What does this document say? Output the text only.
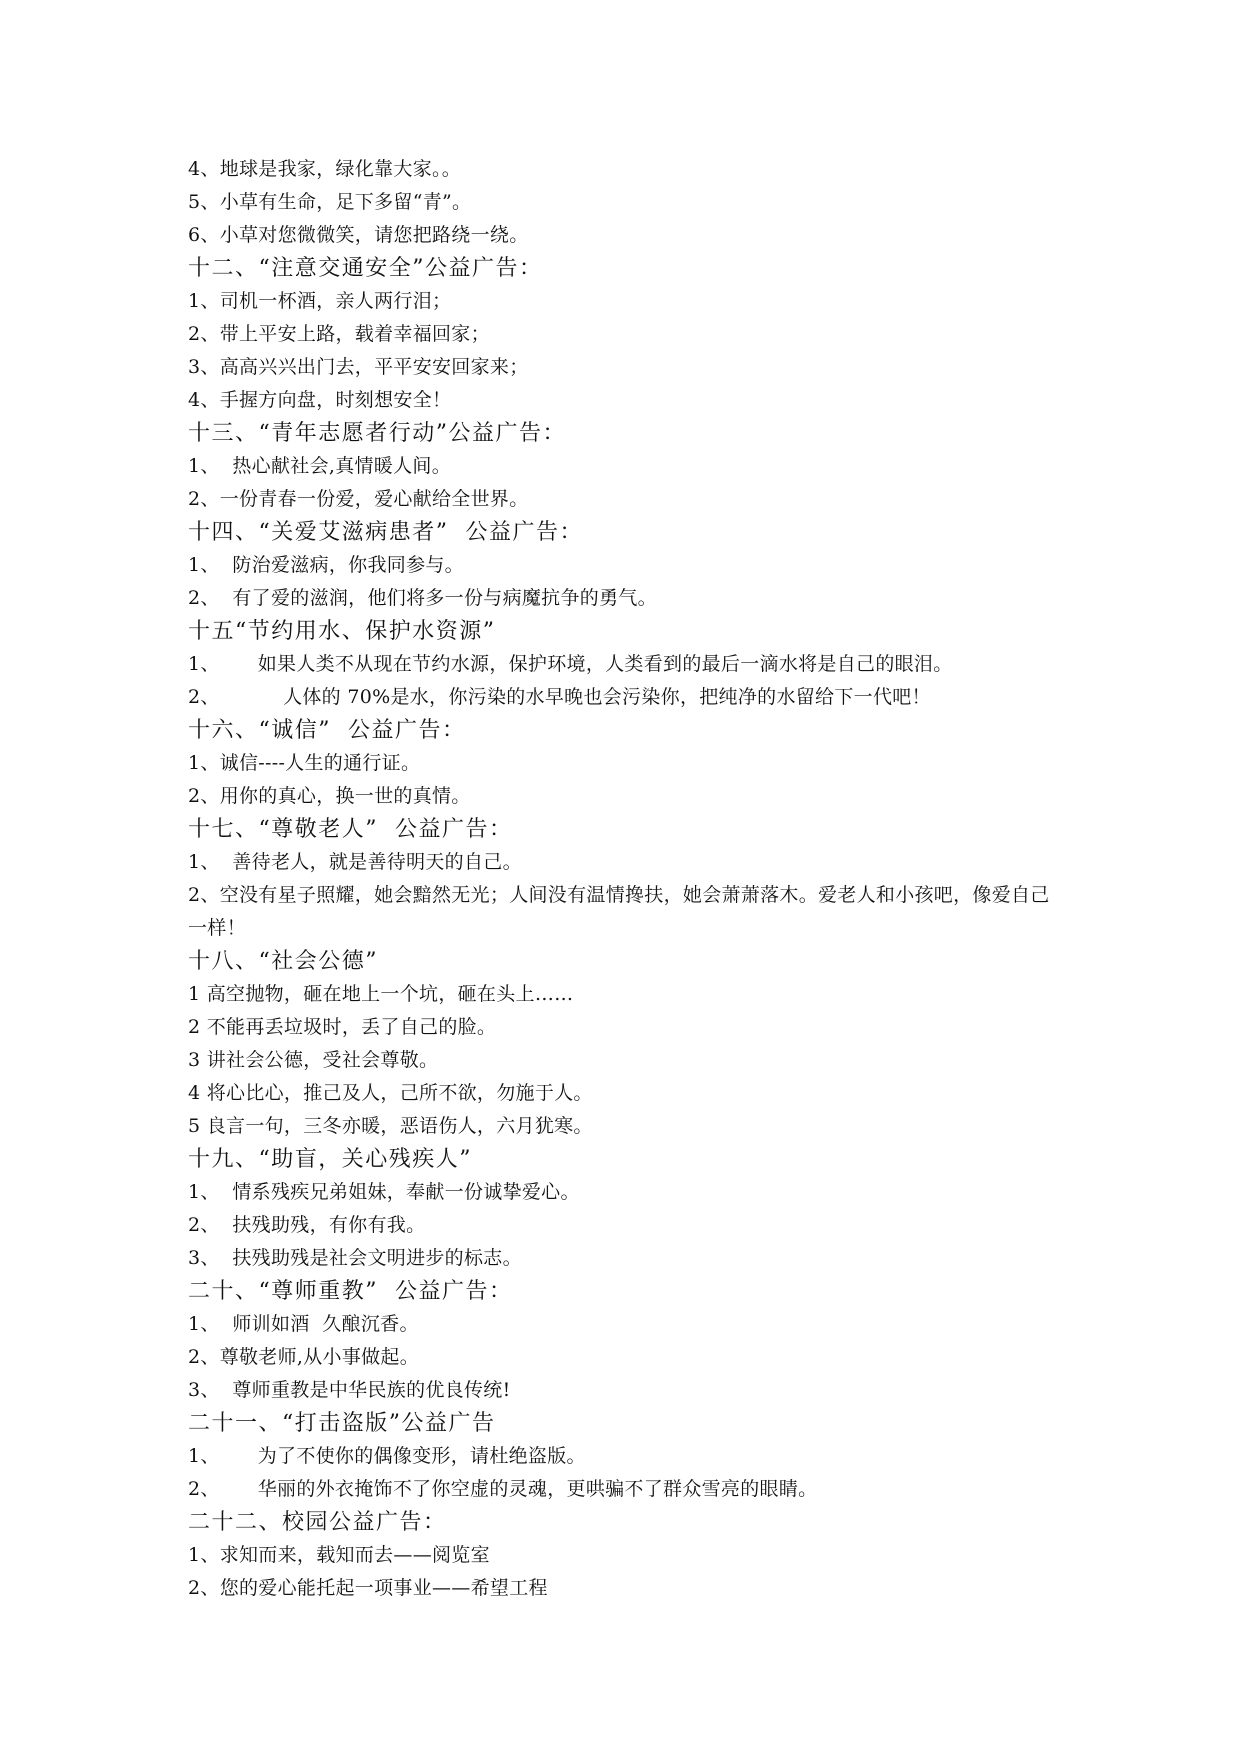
4、地球是我家，绿化靠大家。。
5、小草有生命，足下多留“青”。
6、小草对您微微笑，请您把路绕一绕。
十二、“注意交通安全”公益广告：
1、司机一杯酒，亲人两行泪；
2、带上平安上路，载着幸福回家；
3、高高兴兴出门去，平平安安回家来；
4、手握方向盘，时刻想安全！
十三、“青年志愿者行动”公益广告：
1、  热心献社会,真情暖人间。
2、一份青春一份爱，爱心献给全世界。
十四、“关爱艾滋病患者”  公益广告：
1、  防治爱滋病，你我同参与。
2、  有了爱的滋润，他们将多一份与病魔抗争的勇气。
十五“节约用水、保护水资源”
1、      如果人类不从现在节约水源，保护环境，人类看到的最后一滴水将是自己的眼泪。
2、          人体的 70%是水，你污染的水早晚也会污染你，把纯净的水留给下一代吧！
十六、“诚信”  公益广告：
1、诚信----人生的通行证。
2、用你的真心，换一世的真情。
十七、“尊敬老人”  公益广告：
1、  善待老人，就是善待明天的自己。
2、空没有星子照耀，她会黯然无光；人间没有温情搀扶，她会萧萧落木。爱老人和小孩吧，像爱自己一样！
十八、“社会公德”
1 高空抛物，砸在地上一个坑，砸在头上……
2 不能再丢垃圾时，丢了自己的脸。
3 讲社会公德，受社会尊敬。
4 将心比心，推己及人，己所不欲，勿施于人。
5 良言一句，三冬亦暖，恶语伤人，六月犹寒。
十九、“助盲，关心残疾人”
1、  情系残疾兄弟姐妹，奉献一份诚挚爱心。
2、  扶残助残，有你有我。
3、  扶残助残是社会文明进步的标志。
二十、“尊师重教”  公益广告：
1、  师训如酒  久酿沉香。
2、尊敬老师,从小事做起。
3、  尊师重教是中华民族的优良传统!
二十一、“打击盗版”公益广告
1、      为了不使你的偶像变形，请杜绝盗版。
2、      华丽的外衣掩饰不了你空虚的灵魂，更哄骗不了群众雪亮的眼睛。
二十二、校园公益广告：
1、求知而来，载知而去——阅览室
2、您的爱心能托起一项事业——希望工程
